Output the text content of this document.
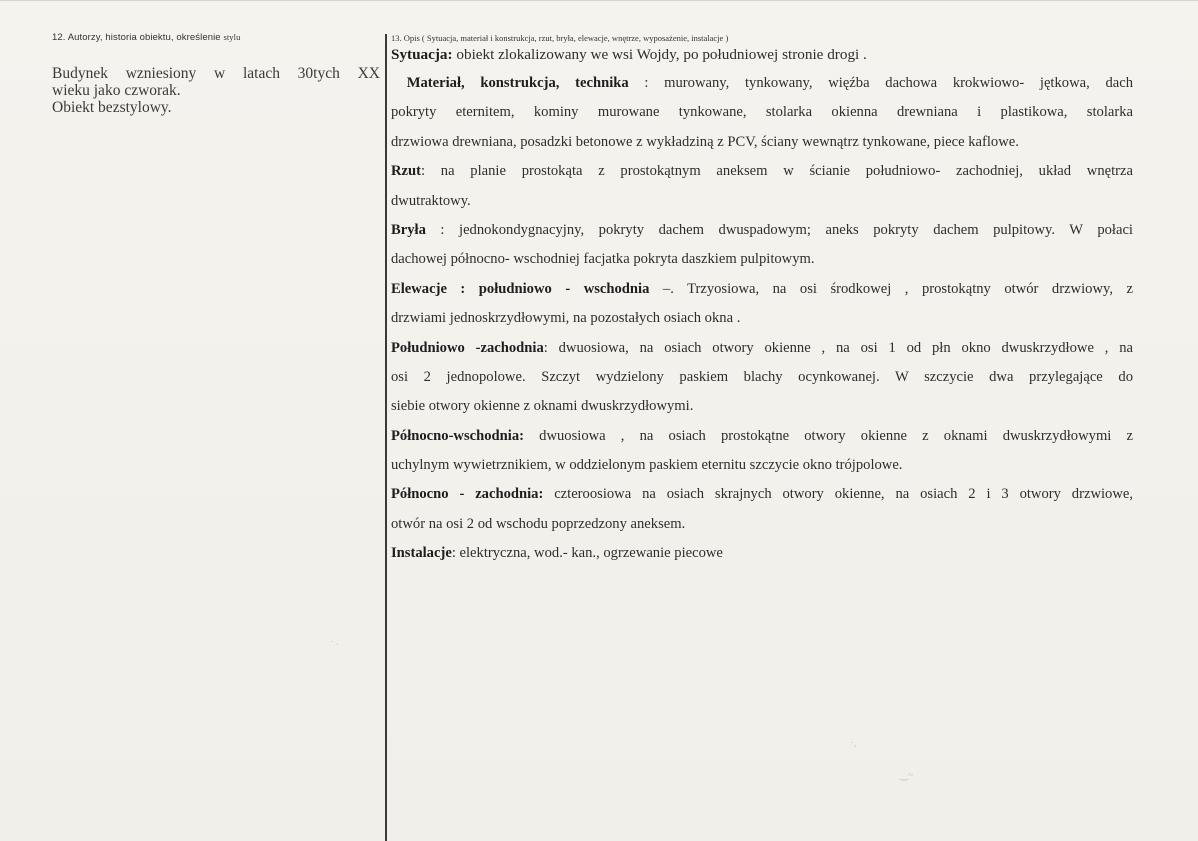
12. Autorzy, historia obiektu, określenie stylu

Budynek wzniesiony w latach 30tych XX

wieku jako czworak.

Obiekt bezstylowy.

13. Opis ( Sytuacja, materiał i konstrukcja, rzut, bryła, elewacje, wnętrze, wyposażenie, instalacje )
Sytuacja: obiekt zlokalizowany we wsi Wojdy, po południowej stronie drogi .
Materiał, konstrukcja, technika : murowany, tynkowany, więźba dachowa krokwiowo- jętkowa, dach
pokryty eternitem, kominy murowane tynkowane, stolarka okienna drewniana i plastikowa, stolarka
drzwiowa drewniana, posadzki betonowe z wykładziną z PCV, ściany wewnątrz tynkowane, piece kaflowe.
Rzut: na planie prostokąta z prostokątnym aneksem w ścianie południowo- zachodniej, układ wnętrza
dwutraktowy.
Bryła : jednokondygnacyjny, pokryty dachem dwuspadowym; aneks pokryty dachem pulpitowy. W połaci
dachowej północno- wschodniej facjatka pokryta daszkiem pulpitowym.
Elewacje : południowo - wschodnia –. Trzyosiowa, na osi środkowej , prostokątny otwór drzwiowy, z
drzwiami jednoskrzydłowymi, na pozostałych osiach okna .
Południowo -zachodnia: dwuosiowa, na osiach otwory okienne , na osi 1 od płn okno dwuskrzydłowe , na
osi 2 jednopolowe. Szczyt wydzielony paskiem blachy ocynkowanej. W szczycie dwa przylegające do
siebie otwory okienne z oknami dwuskrzydłowymi.
Północno-wschodnia: dwuosiowa , na osiach prostokątne otwory okienne z oknami dwuskrzydłowymi z
uchylnym wywietrznikiem, w oddzielonym paskiem eternitu szczycie okno trójpolowe.
Północno - zachodnia: czteroosiowa na osiach skrajnych otwory okienne, na osiach 2 i 3 otwory drzwiowe,
otwór na osi 2 od wschodu poprzedzony aneksem.
Instalacje: elektryczna, wod.- kan., ogrzewanie piecowe
˙ ·
‿~
·‚
